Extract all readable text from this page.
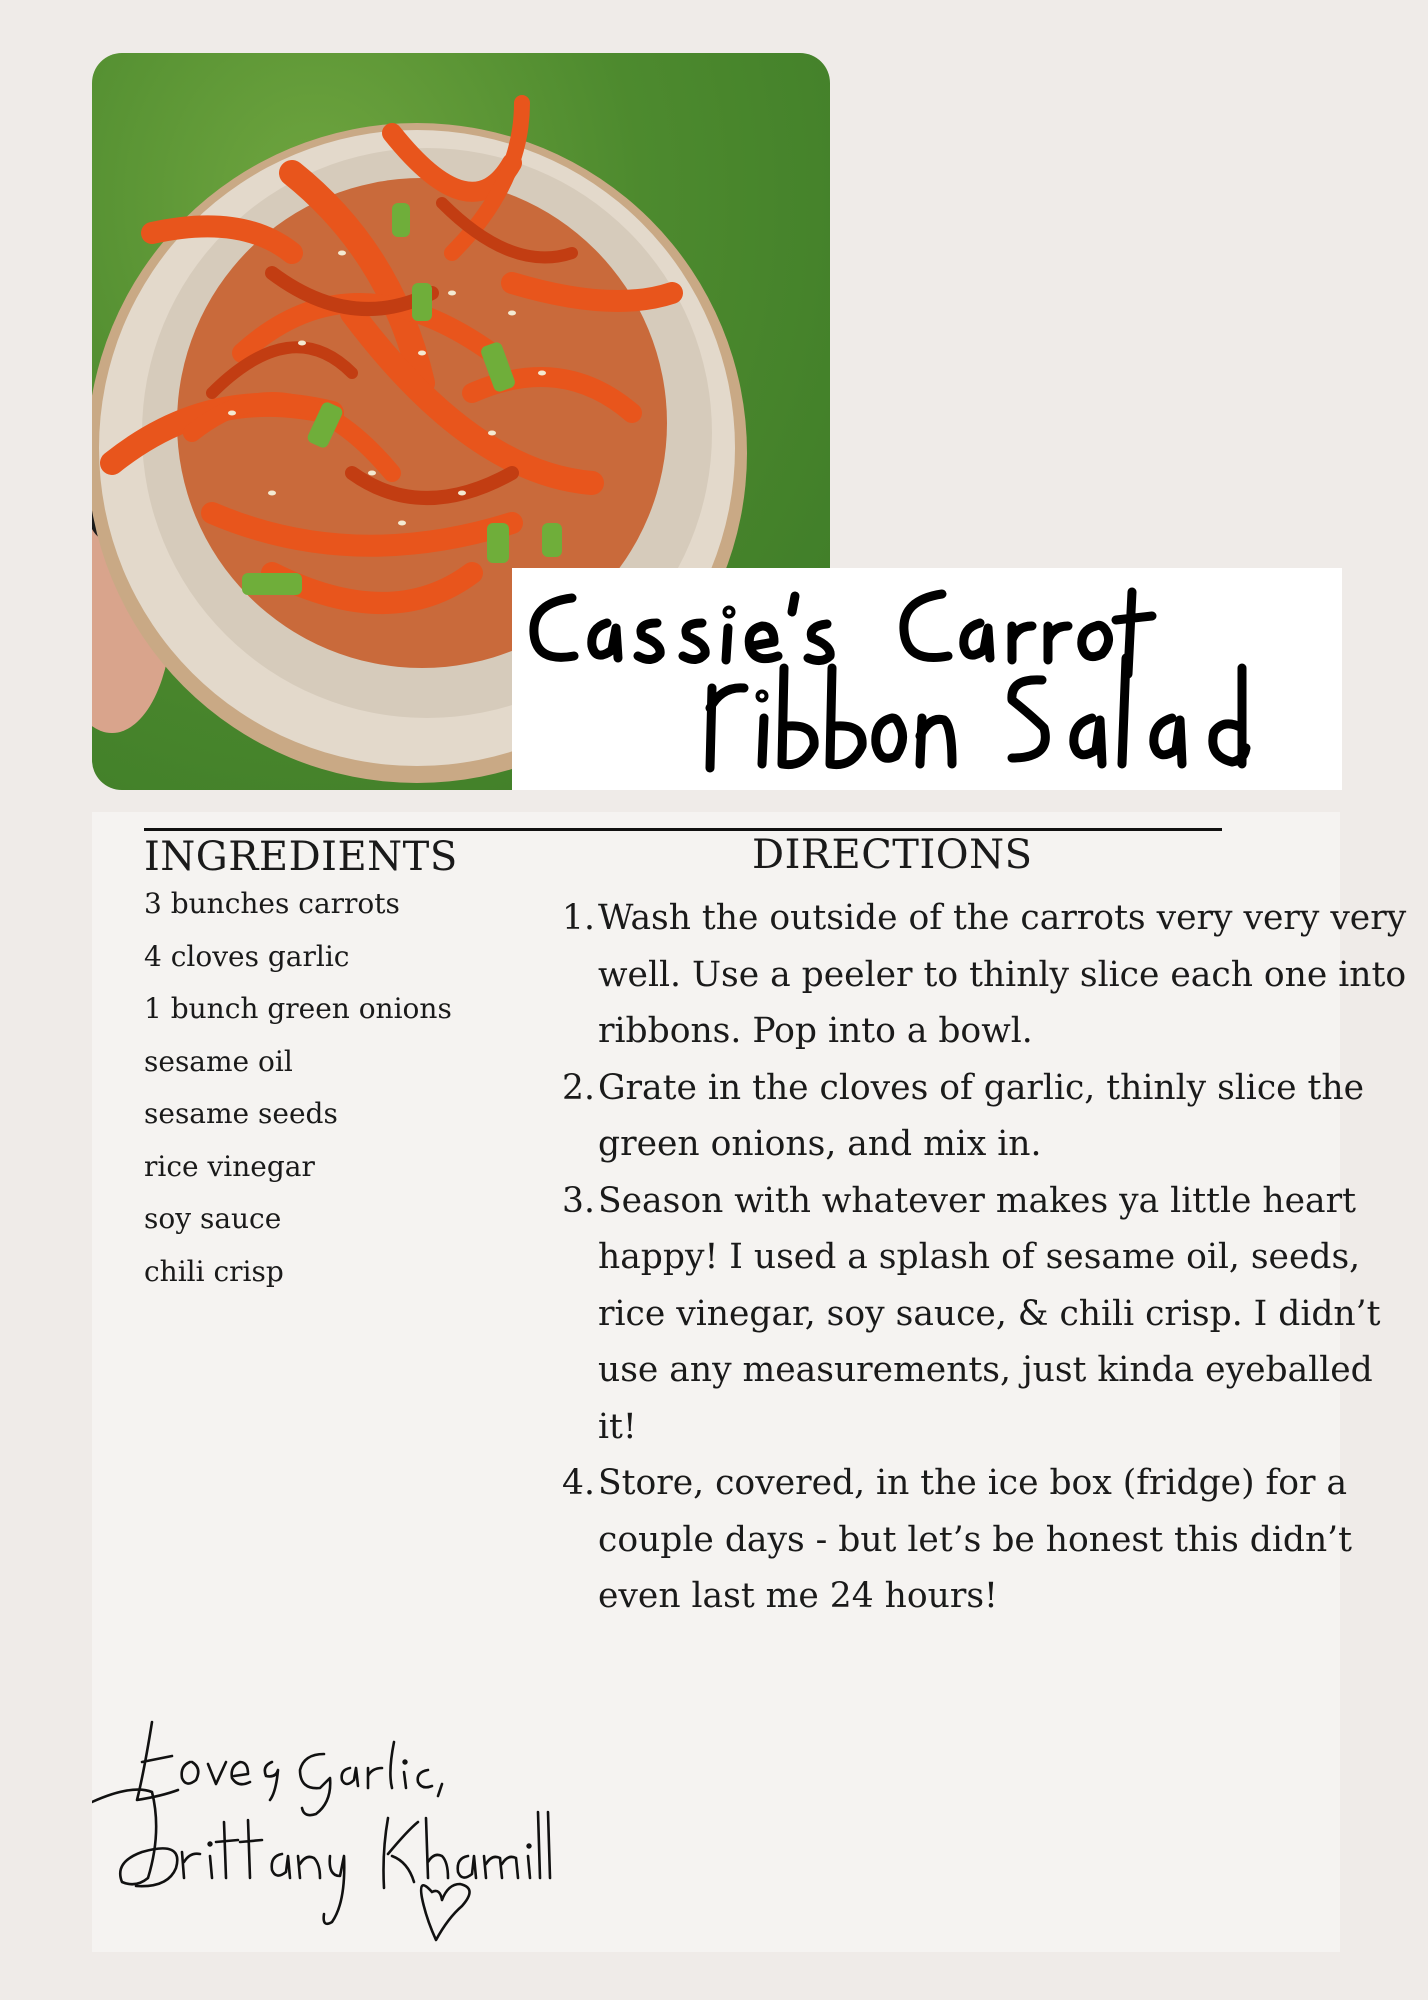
INGREDIENTS
3 bunches carrots
4 cloves garlic
1 bunch green onions
sesame oil
sesame seeds
rice vinegar
soy sauce
chili crisp
DIRECTIONS
1. Wash the outside of the carrots very very very well. Use a peeler to thinly slice each one into ribbons. Pop into a bowl.
2. Grate in the cloves of garlic, thinly slice the green onions, and mix in.
3. Season with whatever makes ya little heart happy! I used a splash of sesame oil, seeds, rice vinegar, soy sauce, & chili crisp. I didn’t use any measurements, just kinda eyeballed it!
4. Store, covered, in the ice box (fridge) for a couple days - but let’s be honest this didn’t even last me 24 hours!
